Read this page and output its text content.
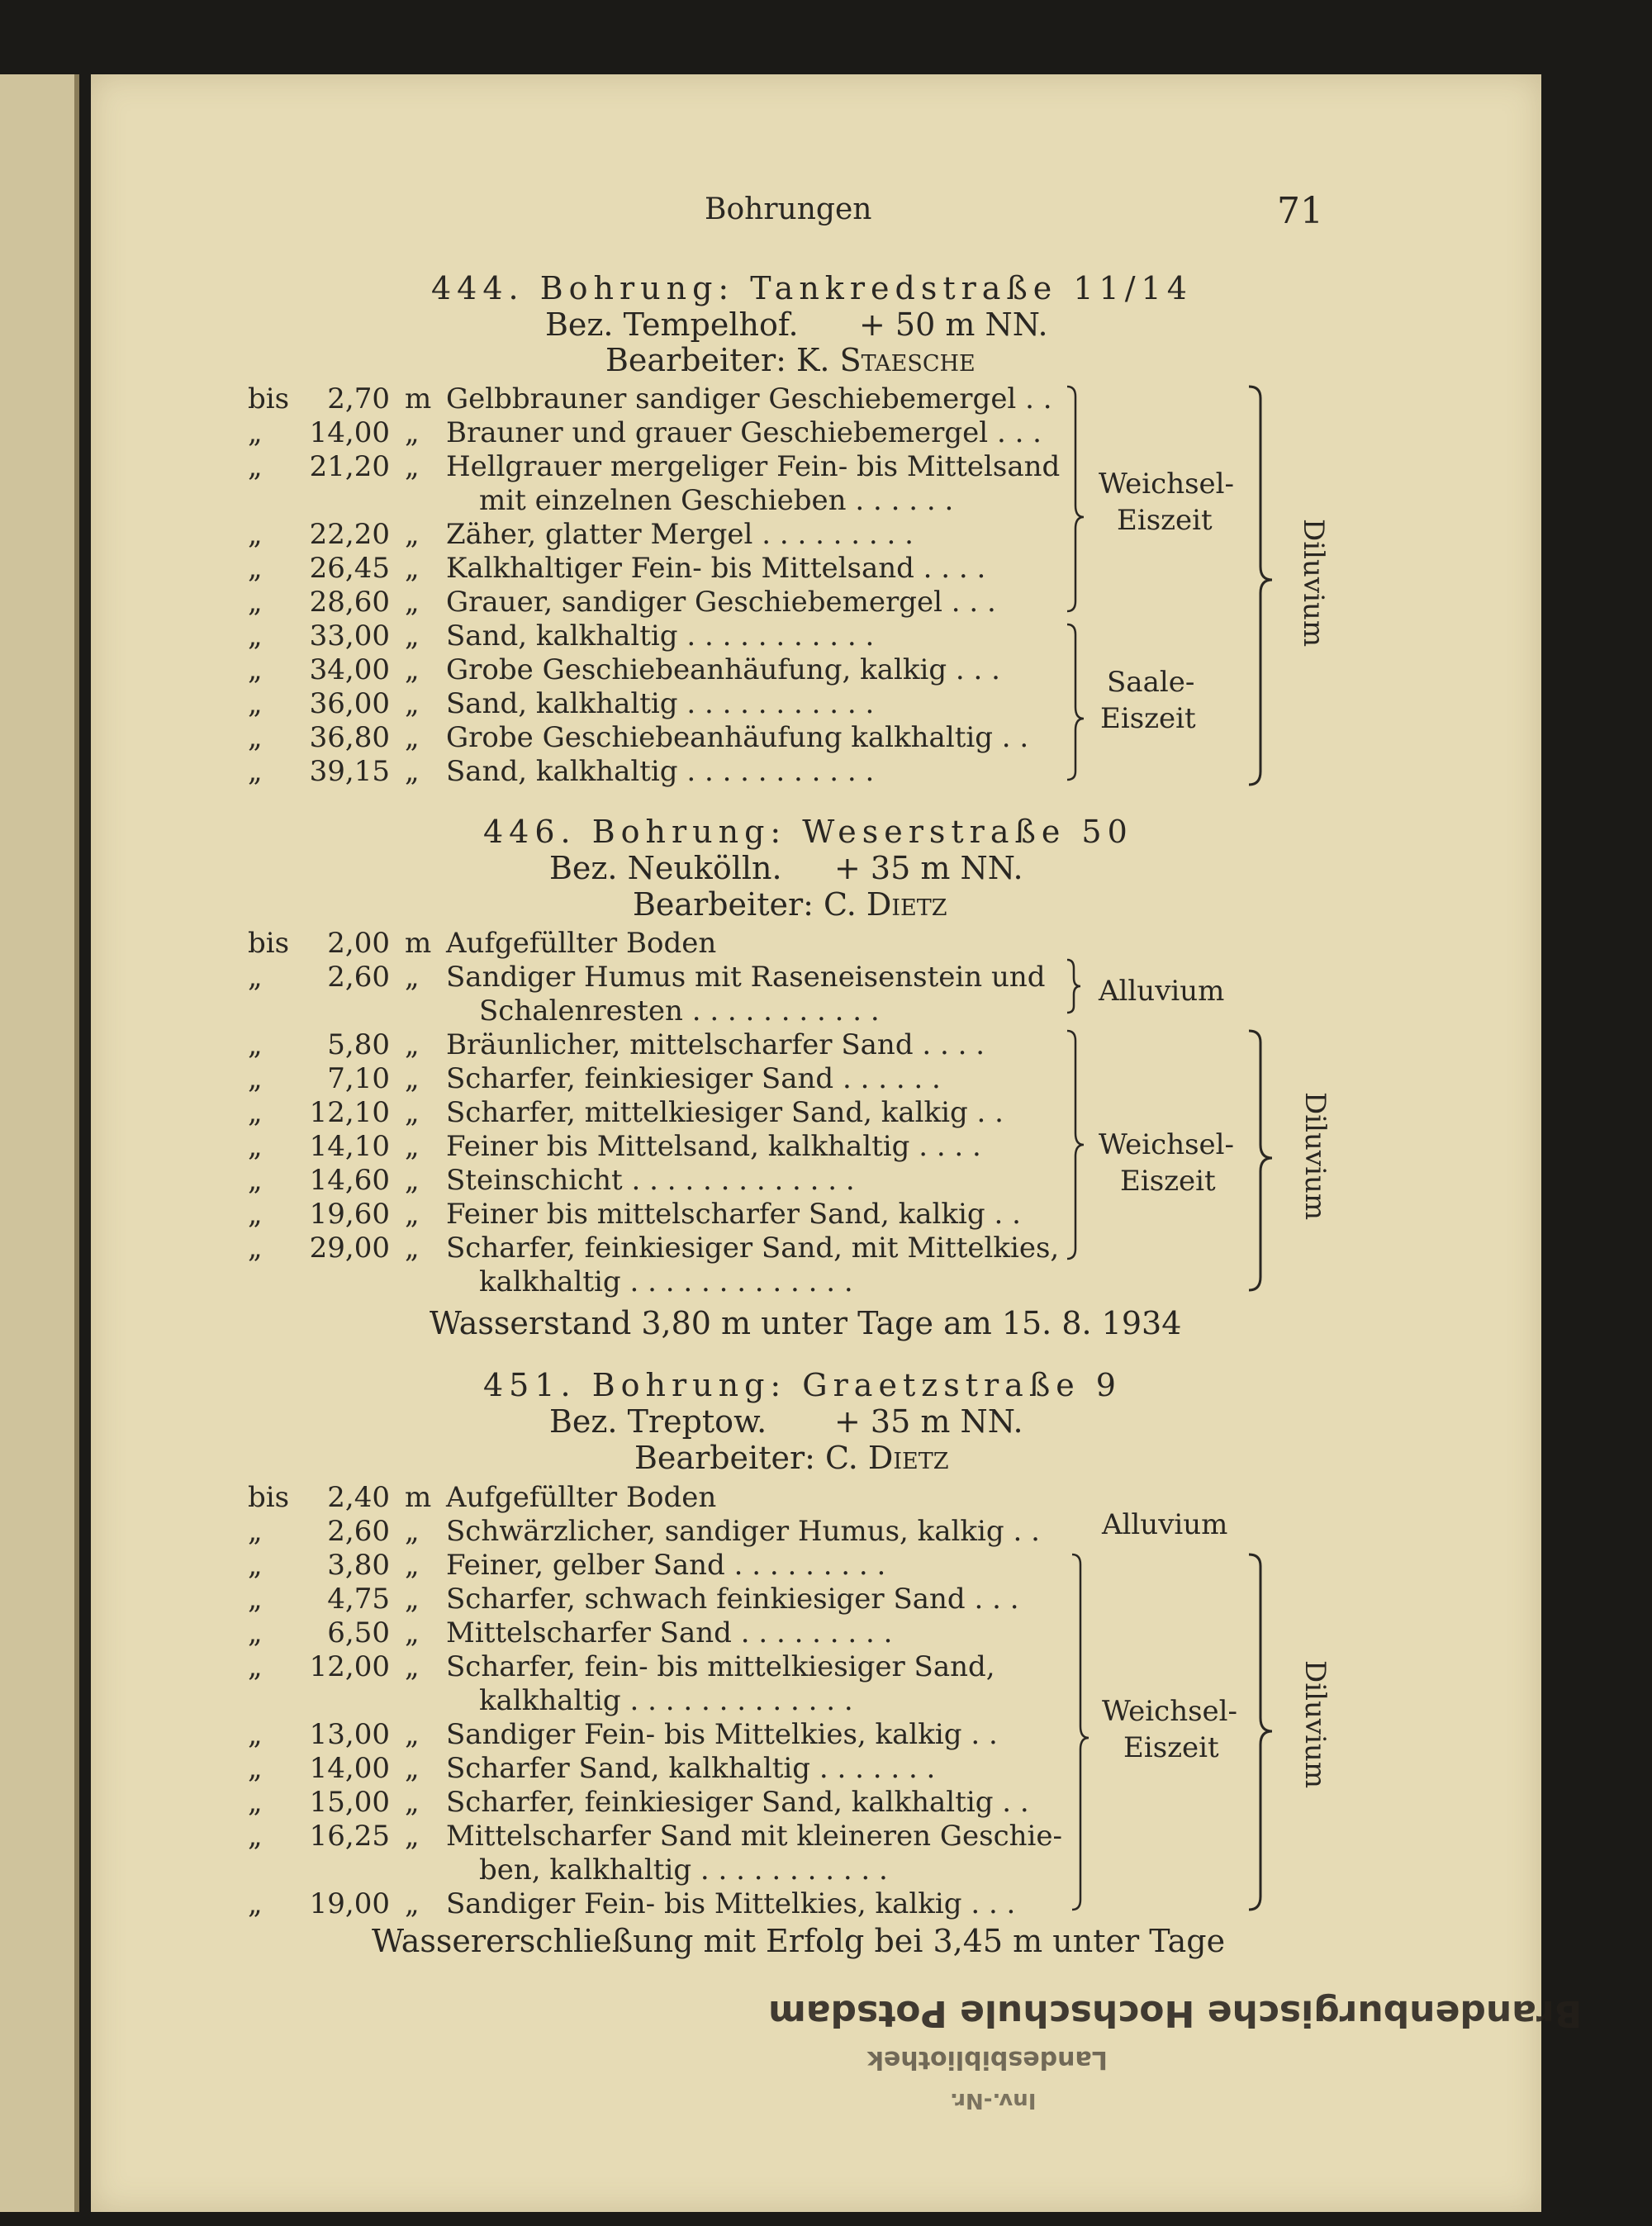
Bohrungen	71
444. Bohrung: Tankredstraße 11/14
Bez. Tempelhof. + 50 m NN.
Bearbeiter: K. Staesche
bis	2,70 m Gelbbrauner sandiger Geschiebemergel . .
„ 14,00 „ Brauner und grauer Geschiebemergel . . .
„ 21,20 „ Hellgrauer mergeliger Fein- bis Mittelsand
mit einzelnen Geschieben . . . . . .
„ 22,20 „ Zäher, glatter Mergel . . . . . . . . .
„ 26,45 „ Kalkhaltiger Fein- bis Mittelsand . . . .
„ 28,60 „ Grauer, sandiger Geschiebemergel . . .
„ 33,00 „ Sand, kalkhaltig . . . . . . . . . . .
„ 34,00 „ Grobe Geschiebeanhäufung, kalkig . . .
„ 36,00 „ Sand, kalkhaltig . . . . . . . . . . .
„ 36,80 „ Grobe Geschiebeanhäufung kalkhaltig . .
„ 39,15 „ Sand, kalkhaltig . . . . . . . . . . .
Weichsel-
Eiszeit
Saale-
Eiszeit
Diluvium
446. Bohrung: Weserstraße 50
Bez. Neukölln. + 35 m NN.
Bearbeiter: C. Dietz
bis	2,00 m Aufgefüllter Boden
„	2,60 „ Sandiger Humus mit Raseneisenstein und
Schalenresten . . . . . . . . . . .
„	5,80 „ Bräunlicher, mittelscharfer Sand . . . .
„	7,10 „ Scharfer, feinkiesiger Sand . . . . . .
„ 12,10 „ Scharfer, mittelkiesiger Sand, kalkig . .
„ 14,10 „ Feiner bis Mittelsand, kalkhaltig . . . .
„ 14,60 „ Steinschicht . . . . . . . . . . . . .
„ 19,60 „ Feiner bis mittelscharfer Sand, kalkig . .
„ 29,00 „ Scharfer, feinkiesiger Sand, mit Mittelkies,
kalkhaltig . . . . . . . . . . . . .
Alluvium
Weichsel-
Eiszeit	Diluvium
Wasserstand 3,80 m unter Tage am 15. 8. 1934
451. Bohrung: Graetzstraße 9
Bez. Treptow. + 35 m NN.
Bearbeiter: C. Dietz
bis	2,40 m Aufgefüllter Boden
„	2,60 „ Schwärzlicher, sandiger Humus, kalkig . .
„	3,80 „ Feiner, gelber Sand . . . . . . . . .
„	4,75 „ Scharfer, schwach feinkiesiger Sand . . .
„	6,50 „ Mittelscharfer Sand . . . . . . . . .
„ 12,00 „ Scharfer, fein- bis mittelkiesiger Sand,
kalkhaltig . . . . . . . . . . . . .
„ 13,00 „ Sandiger Fein- bis Mittelkies, kalkig . .
„ 14,00 „ Scharfer Sand, kalkhaltig . . . . . . .
„ 15,00 „ Scharfer, feinkiesiger Sand, kalkhaltig . .
„ 16,25 „ Mittelscharfer Sand mit kleineren Geschie-
ben, kalkhaltig . . . . . . . . . . .
„ 19,00 „ Sandiger Fein- bis Mittelkies, kalkig . . .
Alluvium
Weichsel-
Eiszeit	Diluvium
Wassererschließung mit Erfolg bei 3,45 m unter Tage
Brandenburgische Hochschule Potsdam
Landesbibliothek
Inv.-Nr.
